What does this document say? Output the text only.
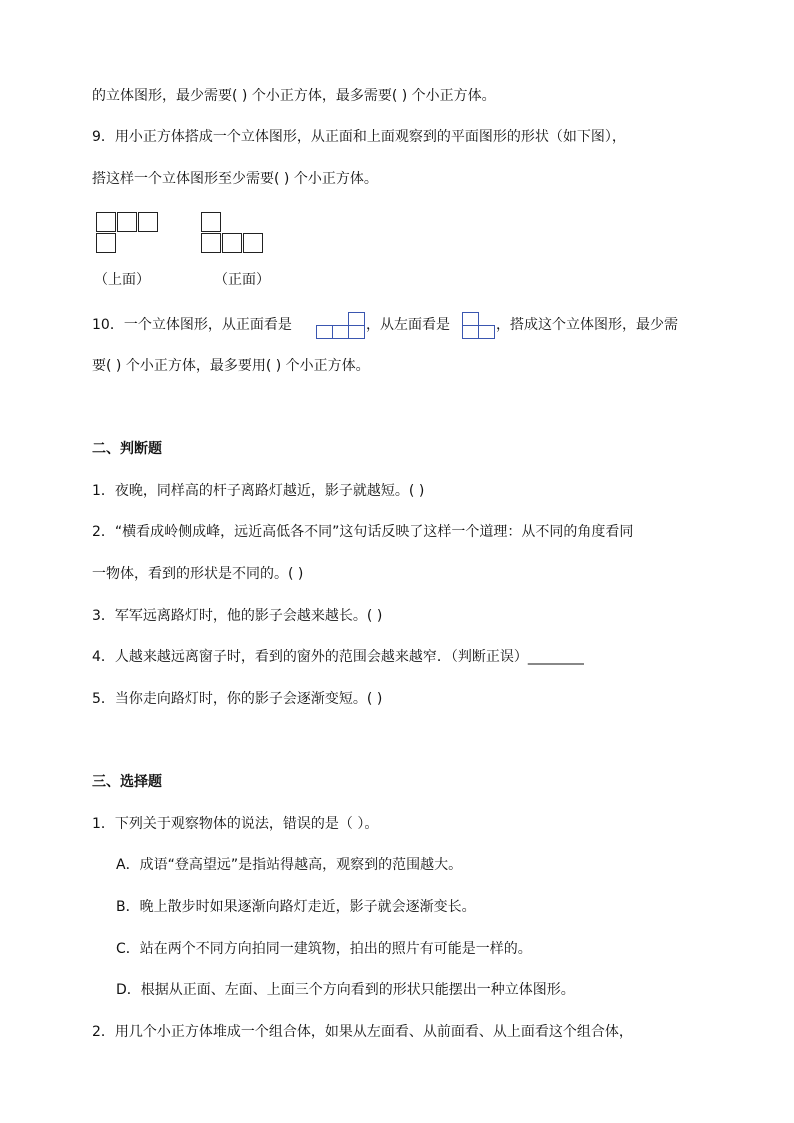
的立体图形，最少需要( ) 个小正方体，最多需要( ) 个小正方体。
9．用小正方体搭成一个立体图形，从正面和上面观察到的平面图形的形状（如下图），
搭这样一个立体图形至少需要( ) 个小正方体。
（上面）	（正面）
10．一个立体图形，从正面看是	，从左面看是	，搭成这个立体图形，最少需
要( ) 个小正方体，最多要用( ) 个小正方体。
二、判断题
1．夜晚，同样高的杆子离路灯越近，影子就越短。( )
2．“横看成岭侧成峰，远近高低各不同”这句话反映了这样一个道理：从不同的角度看同
一物体，看到的形状是不同的。( )
3．军军远离路灯时，他的影子会越来越长。( )
4．人越来越远离窗子时，看到的窗外的范围会越来越窄．（判断正误）________
5．当你走向路灯时，你的影子会逐渐变短。( )
三、选择题
1．下列关于观察物体的说法，错误的是（ ）。
A．成语“登高望远”是指站得越高，观察到的范围越大。
B．晚上散步时如果逐渐向路灯走近，影子就会逐渐变长。
C．站在两个不同方向拍同一建筑物，拍出的照片有可能是一样的。
D．根据从正面、左面、上面三个方向看到的形状只能摆出一种立体图形。
2．用几个小正方体堆成一个组合体，如果从左面看、从前面看、从上面看这个组合体，
